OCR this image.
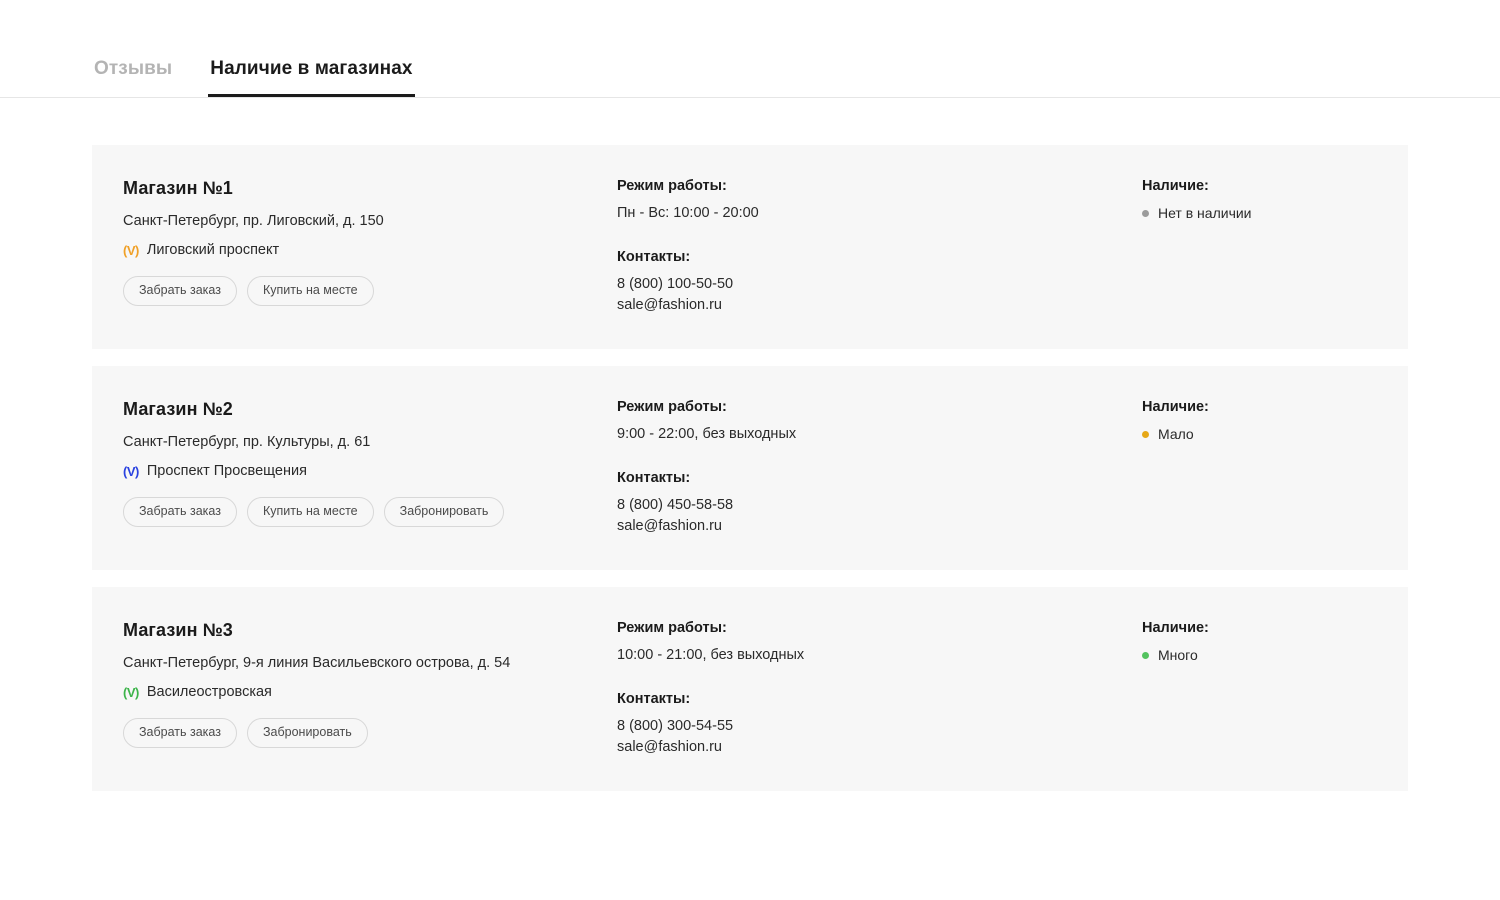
Отзывы Наличие в магазинах
Магазин №1
Санкт-Петербург, пр. Лиговский, д. 150
(V) Лиговский проспект
Забрать заказ	Купить на месте
Режим работы:
Пн - Вс: 10:00 - 20:00
Контакты:
8 (800) 100-50-50
sale@fashion.ru
Наличие:
Нет в наличии
Магазин №2
Санкт-Петербург, пр. Культуры, д. 61
(V) Проспект Просвещения
Забрать заказ	Купить на месте	Забронировать
Режим работы:
9:00 - 22:00, без выходных
Контакты:
8 (800) 450-58-58
sale@fashion.ru
Наличие:
Мало
Магазин №3
Санкт-Петербург, 9-я линия Васильевского острова, д. 54
(V) Василеостровская
Забрать заказ	Забронировать
Режим работы:
10:00 - 21:00, без выходных
Контакты:
8 (800) 300-54-55
sale@fashion.ru
Наличие:
Много
